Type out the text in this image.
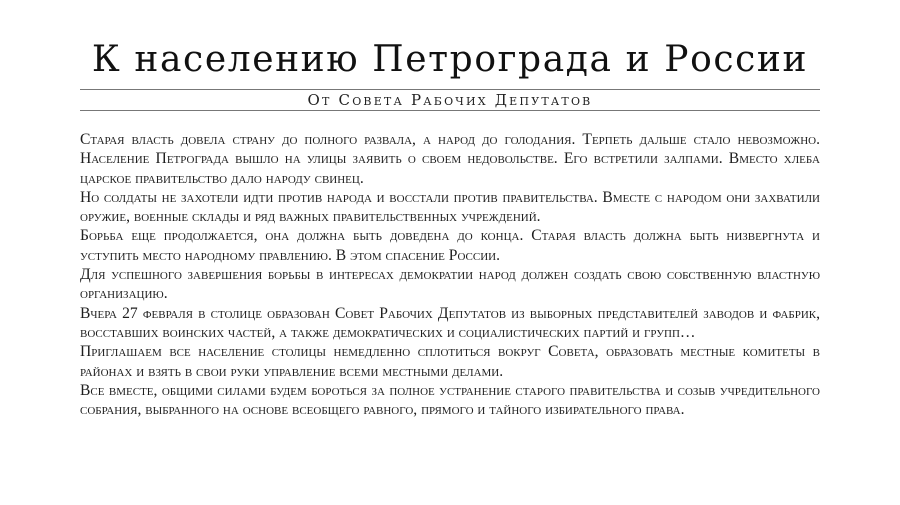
К населению Петрограда и России
От Совета Рабочих Депутатов

Старая власть довела страну до полного развала, а народ до голодания. Терпеть дальше стало невозможно. Население Петрограда вышло на улицы заявить о своем недовольстве. Его встретили залпами. Вместо хлеба царское правительство дало народу свинец.

Но солдаты не захотели идти против народа и восстали против правительства. Вместе с народом они захватили оружие, военные склады и ряд важных правительственных учреждений.

Борьба еще продолжается, она должна быть доведена до конца. Старая власть должна быть низвергнута и уступить место народному правлению. В этом спасение России.

Для успешного завершения борьбы в интересах демократии народ должен создать свою собственную властную организацию.

Вчера 27 февраля в столице образован Совет Рабочих Депутатов из выборных представителей заводов и фабрик, восставших воинских частей, а также демократических и социалистических партий и групп…

Приглашаем все население столицы немедленно сплотиться вокруг Совета, образовать местные комитеты в районах и взять в свои руки управление всеми местными делами.

Все вместе, общими силами будем бороться за полное устранение старого правительства и созыв учредительного собрания, выбранного на основе всеобщего равного, прямого и тайного избирательного права.
